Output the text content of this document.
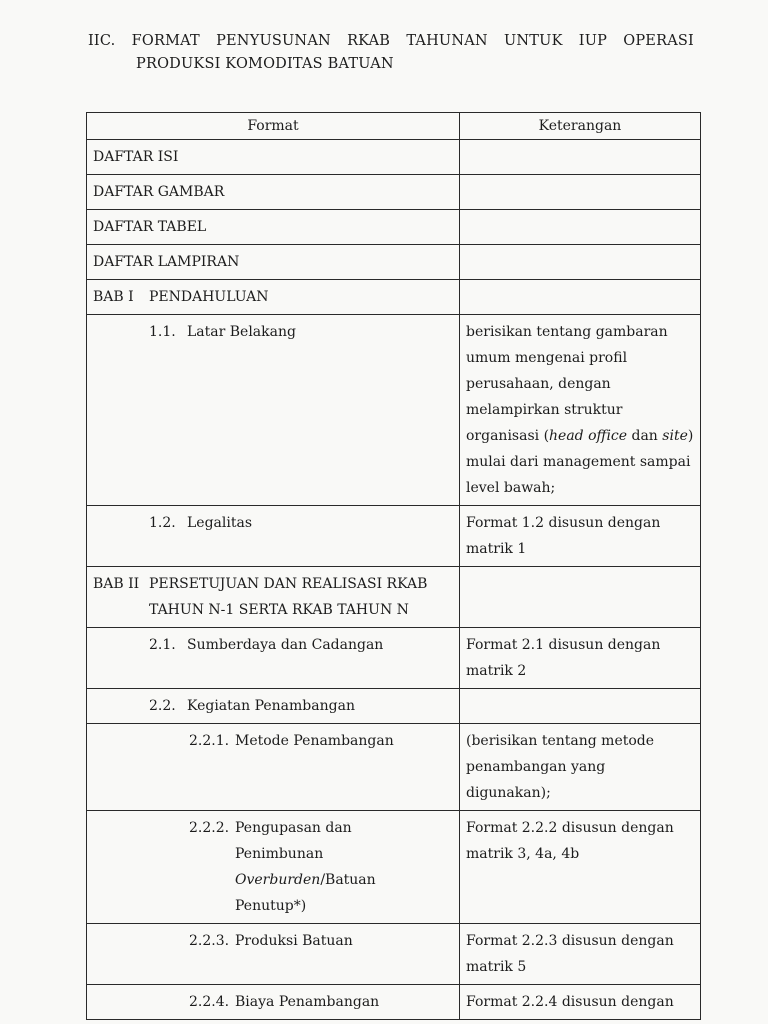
IIC. FORMAT PENYUSUNAN RKAB TAHUNAN UNTUK IUP OPERASI
PRODUKSI KOMODITAS BATUAN
Format	Keterangan
DAFTAR ISI	
DAFTAR GAMBAR	
DAFTAR TABEL	
DAFTAR LAMPIRAN	

BAB I PENDAHULUAN	

1.1. Latar Belakang	berisikan tentang gambaran umum mengenai profil perusahaan, dengan melampirkan struktur organisasi (head office dan site) mulai dari management sampai level bawah;
1.2. Legalitas	Format 1.2 disusun dengan matrik 1

BAB II PERSETUJUAN DAN REALISASI RKAB TAHUN N-1 SERTA RKAB TAHUN N	

2.1. Sumberdaya dan Cadangan	Format 2.1 disusun dengan matrik 2
2.2. Kegiatan Penambangan	
2.2.1. Metode Penambangan	(berisikan tentang metode penambangan yang digunakan);
2.2.2. Pengupasan dan
Penimbunan
Overburden/Batuan
Penutup*)	Format 2.2.2 disusun dengan matrik 3, 4a, 4b
2.2.3. Produksi Batuan	Format 2.2.3 disusun dengan matrik 5
2.2.4. Biaya Penambangan	Format 2.2.4 disusun dengan
